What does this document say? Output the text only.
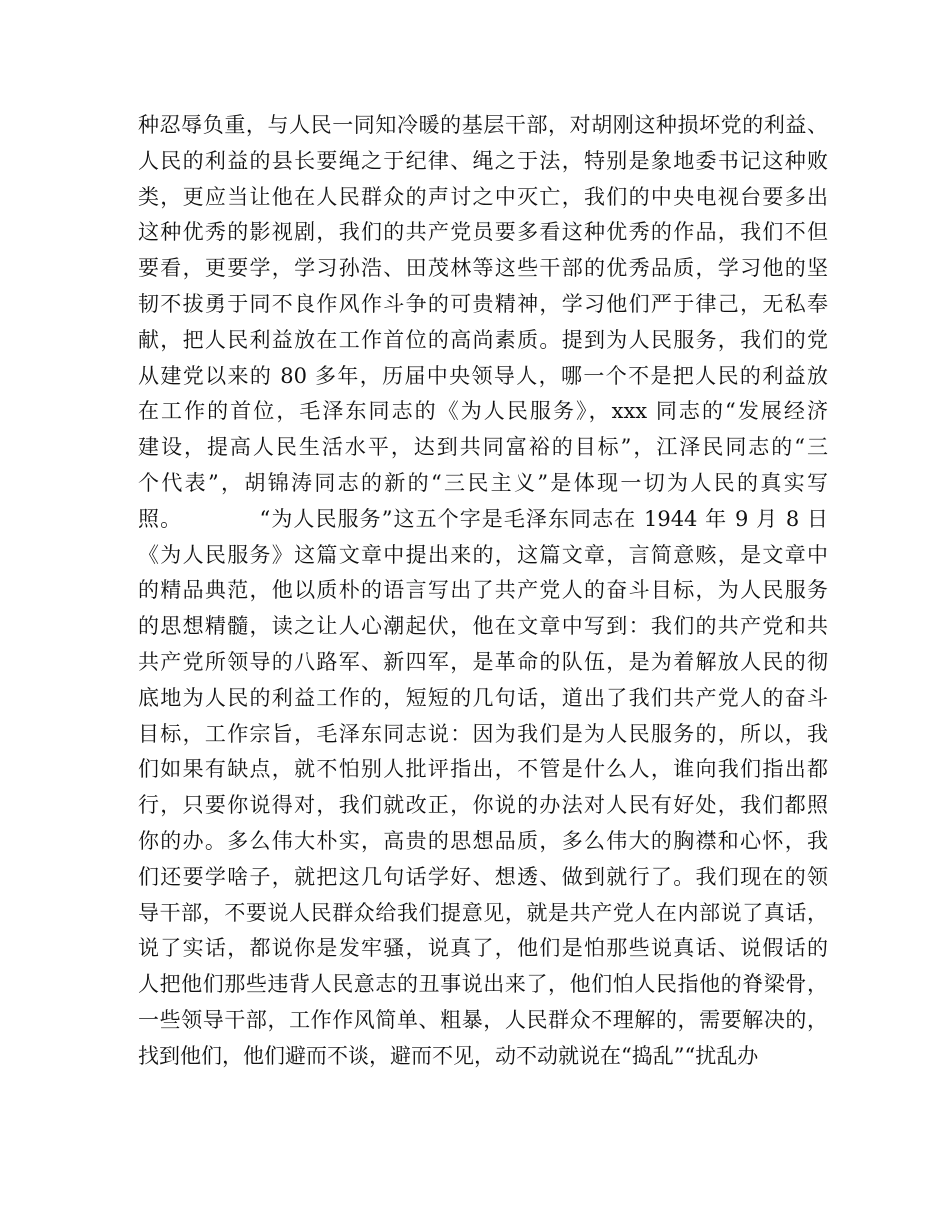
种忍辱负重，与人民一同知冷暖的基层干部，对胡刚这种损坏党的利益、
人民的利益的县长要绳之于纪律、绳之于法，特别是象地委书记这种败
类，更应当让他在人民群众的声讨之中灭亡，我们的中央电视台要多出
这种优秀的影视剧，我们的共产党员要多看这种优秀的作品，我们不但
要看，更要学，学习孙浩、田茂林等这些干部的优秀品质，学习他的坚
韧不拔勇于同不良作风作斗争的可贵精神，学习他们严于律己，无私奉
献，把人民利益放在工作首位的高尚素质。提到为人民服务，我们的党
从建党以来的 80 多年，历届中央领导人，哪一个不是把人民的利益放
在工作的首位，毛泽东同志的《为人民服务》，xxx 同志的“发展经济
建设，提高人民生活水平，达到共同富裕的目标”，江泽民同志的“三
个代表”，胡锦涛同志的新的“三民主义”是体现一切为人民的真实写
照。          “为人民服务”这五个字是毛泽东同志在 1944 年 9 月 8 日
《为人民服务》这篇文章中提出来的，这篇文章，言简意赅，是文章中
的精品典范，他以质朴的语言写出了共产党人的奋斗目标，为人民服务
的思想精髓，读之让人心潮起伏，他在文章中写到：我们的共产党和共
共产党所领导的八路军、新四军，是革命的队伍，是为着解放人民的彻
底地为人民的利益工作的，短短的几句话，道出了我们共产党人的奋斗
目标，工作宗旨，毛泽东同志说：因为我们是为人民服务的，所以，我
们如果有缺点，就不怕别人批评指出，不管是什么人，谁向我们指出都
行，只要你说得对，我们就改正，你说的办法对人民有好处，我们都照
你的办。多么伟大朴实，高贵的思想品质，多么伟大的胸襟和心怀，我
们还要学啥子，就把这几句话学好、想透、做到就行了。我们现在的领
导干部，不要说人民群众给我们提意见，就是共产党人在内部说了真话，
说了实话，都说你是发牢骚，说真了，他们是怕那些说真话、说假话的
人把他们那些违背人民意志的丑事说出来了，他们怕人民指他的脊梁骨，
一些领导干部，工作作风简单、粗暴，人民群众不理解的，需要解决的，
找到他们，他们避而不谈，避而不见，动不动就说在“捣乱”“扰乱办
